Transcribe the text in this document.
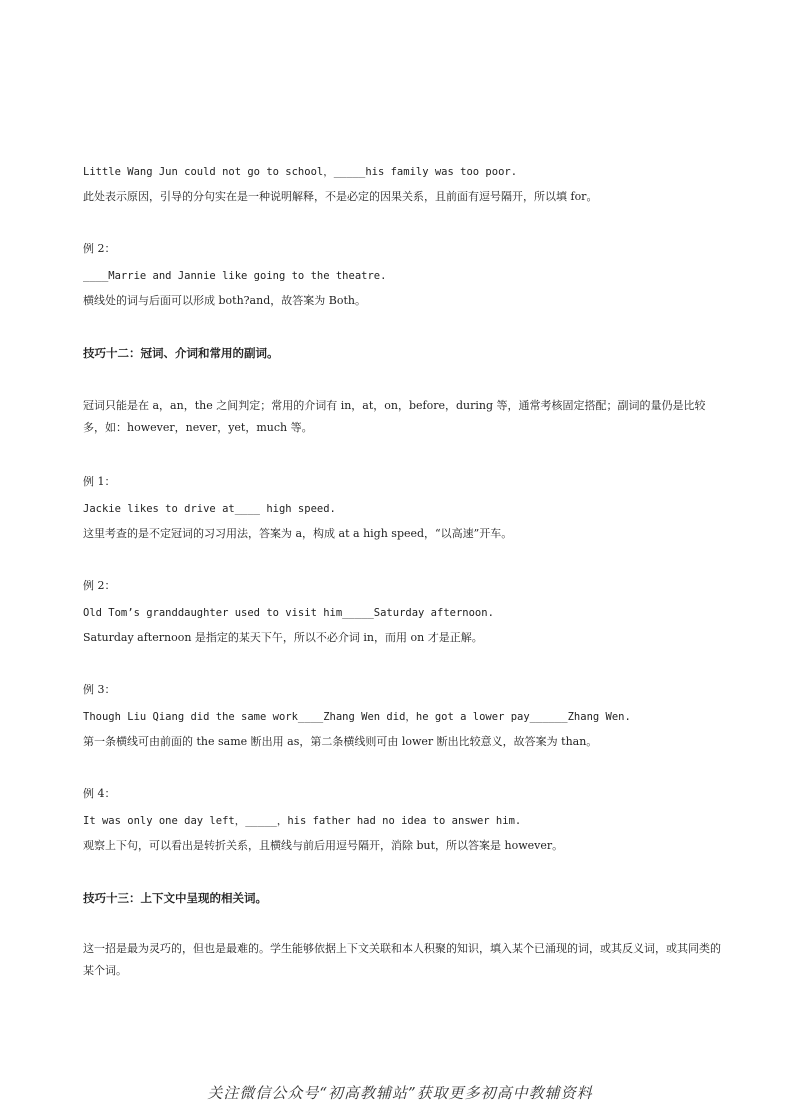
Little Wang Jun could not go to school，_____his family was too poor.
此处表示原因，引导的分句实在是一种说明解释，不是必定的因果关系，且前面有逗号隔开，所以填 for。
例 2：
____Marrie and Jannie like going to the theatre.
横线处的词与后面可以形成 both?and，故答案为 Both。
技巧十二：冠词、介词和常用的副词。
冠词只能是在 a，an，the 之间判定；常用的介词有 in，at，on，before，during 等，通常考核固定搭配；副词的量仍是比较多，如：however，never，yet，much 等。
例 1：
Jackie likes to drive at____ high speed.
这里考查的是不定冠词的习习用法，答案为 a，构成 at a high speed，“以高速”开车。
例 2：
Old Tom’s granddaughter used to visit him_____Saturday afternoon.
Saturday afternoon 是指定的某天下午，所以不必介词 in，而用 on 才是正解。
例 3：
Though Liu Qiang did the same work____Zhang Wen did，he got a lower pay______Zhang Wen.
第一条横线可由前面的 the same 断出用 as，第二条横线则可由 lower 断出比较意义，故答案为 than。
例 4：
It was only one day left，_____，his father had no idea to answer him.
观察上下句，可以看出是转折关系，且横线与前后用逗号隔开，消除 but，所以答案是 however。
技巧十三：上下文中呈现的相关词。
这一招是最为灵巧的，但也是最难的。学生能够依据上下文关联和本人积聚的知识，填入某个已涌现的词，或其反义词，或其同类的某个词。
关注微信公众号“初高教辅站”获取更多初高中教辅资料
